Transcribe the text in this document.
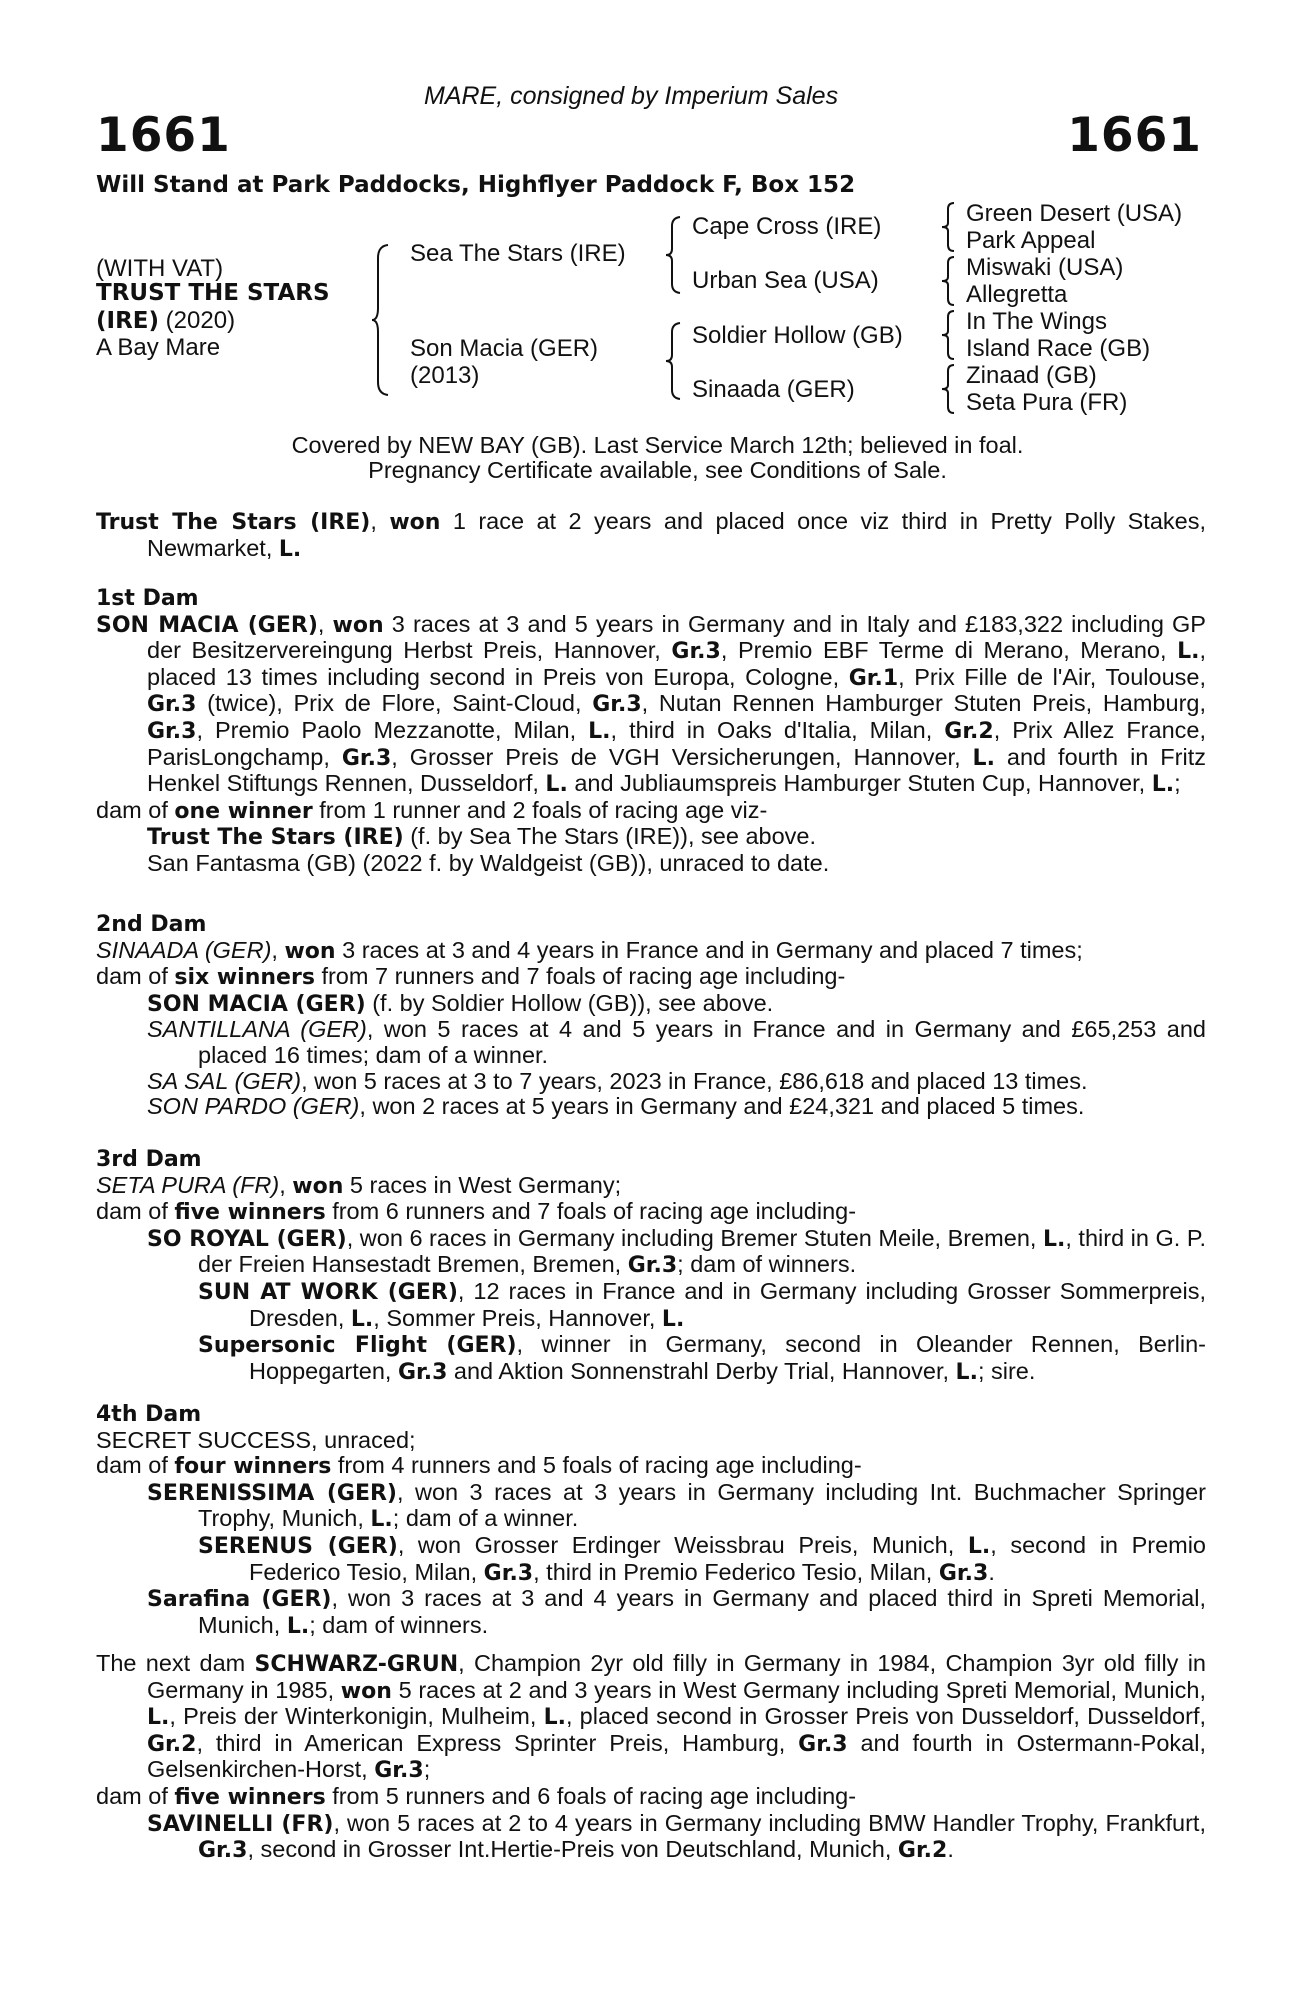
MARE, consigned by Imperium Sales
1661	1661
Will Stand at Park Paddocks, Highflyer Paddock F, Box 152
(WITH VAT)
TRUST THE STARS
(IRE) (2020)
A Bay Mare
Sea The Stars (IRE)
Son Macia (GER)
(2013)
Cape Cross (IRE)
Urban Sea (USA)
Soldier Hollow (GB)
Sinaada (GER)
Green Desert (USA)
Park Appeal
Miswaki (USA)
Allegretta
In The Wings
Island Race (GB)
Zinaad (GB)
Seta Pura (FR)
Covered by NEW BAY (GB). Last Service March 12th; believed in foal.
Pregnancy Certificate available, see Conditions of Sale.

Trust The Stars (IRE), won 1 race at 2 years and placed once viz third in Pretty Polly Stakes, Newmarket, L.

1st Dam

SON MACIA (GER), won 3 races at 3 and 5 years in Germany and in Italy and £183,322 including GP der Besitzervereingung Herbst Preis, Hannover, Gr.3, Premio EBF Terme di Merano, Merano, L., placed 13 times including second in Preis von Europa, Cologne, Gr.1, Prix Fille de l'Air, Toulouse, Gr.3 (twice), Prix de Flore, Saint-Cloud, Gr.3, Nutan Rennen Hamburger Stuten Preis, Hamburg, Gr.3, Premio Paolo Mezzanotte, Milan, L., third in Oaks d'Italia, Milan, Gr.2, Prix Allez France, ParisLongchamp, Gr.3, Grosser Preis de VGH Versicherungen, Hannover, L. and fourth in Fritz Henkel Stiftungs Rennen, Dusseldorf, L. and Jubliaumspreis Hamburger Stuten Cup, Hannover, L.;

dam of one winner from 1 runner and 2 foals of racing age viz-

Trust The Stars (IRE) (f. by Sea The Stars (IRE)), see above.

San Fantasma (GB) (2022 f. by Waldgeist (GB)), unraced to date.

2nd Dam

SINAADA (GER), won 3 races at 3 and 4 years in France and in Germany and placed 7 times;

dam of six winners from 7 runners and 7 foals of racing age including-

SON MACIA (GER) (f. by Soldier Hollow (GB)), see above.

SANTILLANA (GER), won 5 races at 4 and 5 years in France and in Germany and £65,253 and placed 16 times; dam of a winner.

SA SAL (GER), won 5 races at 3 to 7 years, 2023 in France, £86,618 and placed 13 times.

SON PARDO (GER), won 2 races at 5 years in Germany and £24,321 and placed 5 times.

3rd Dam

SETA PURA (FR), won 5 races in West Germany;

dam of five winners from 6 runners and 7 foals of racing age including-

SO ROYAL (GER), won 6 races in Germany including Bremer Stuten Meile, Bremen, L., third in G. P. der Freien Hansestadt Bremen, Bremen, Gr.3; dam of winners.

SUN AT WORK (GER), 12 races in France and in Germany including Grosser Sommerpreis, Dresden, L., Sommer Preis, Hannover, L.

Supersonic Flight (GER), winner in Germany, second in Oleander Rennen, Berlin-Hoppegarten, Gr.3 and Aktion Sonnenstrahl Derby Trial, Hannover, L.; sire.

4th Dam

SECRET SUCCESS, unraced;

dam of four winners from 4 runners and 5 foals of racing age including-

SERENISSIMA (GER), won 3 races at 3 years in Germany including Int. Buchmacher Springer Trophy, Munich, L.; dam of a winner.

SERENUS (GER), won Grosser Erdinger Weissbrau Preis, Munich, L., second in Premio Federico Tesio, Milan, Gr.3, third in Premio Federico Tesio, Milan, Gr.3.

Sarafina (GER), won 3 races at 3 and 4 years in Germany and placed third in Spreti Memorial, Munich, L.; dam of winners.

The next dam SCHWARZ-GRUN, Champion 2yr old filly in Germany in 1984, Champion 3yr old filly in Germany in 1985, won 5 races at 2 and 3 years in West Germany including Spreti Memorial, Munich, L., Preis der Winterkonigin, Mulheim, L., placed second in Grosser Preis von Dusseldorf, Dusseldorf, Gr.2, third in American Express Sprinter Preis, Hamburg, Gr.3 and fourth in Ostermann-Pokal, Gelsenkirchen-Horst, Gr.3;

dam of five winners from 5 runners and 6 foals of racing age including-

SAVINELLI (FR), won 5 races at 2 to 4 years in Germany including BMW Handler Trophy, Frankfurt, Gr.3, second in Grosser Int.Hertie-Preis von Deutschland, Munich, Gr.2.
